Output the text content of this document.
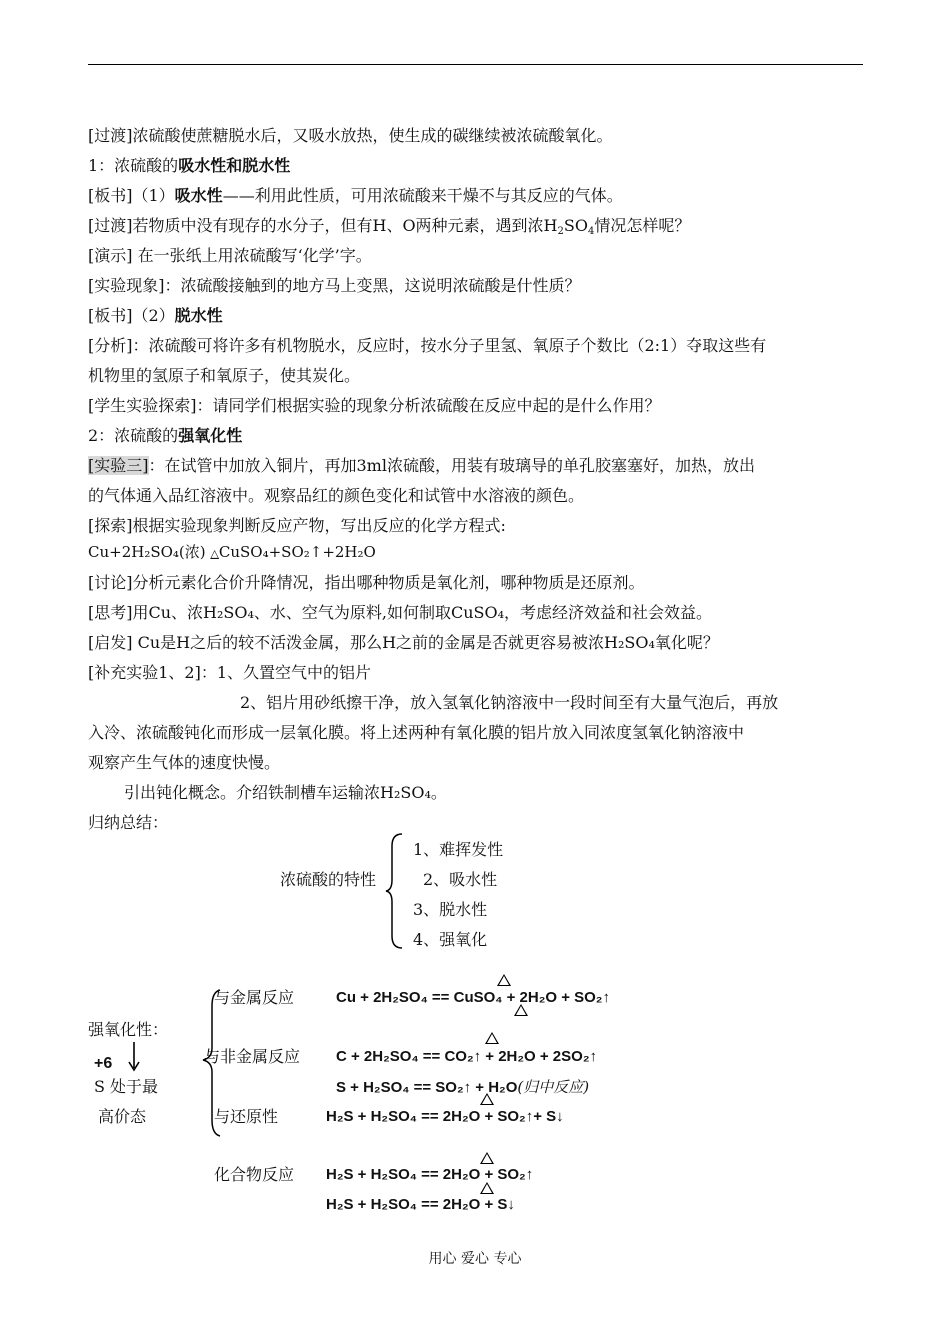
[过渡]浓硫酸使蔗糖脱水后，又吸水放热，使生成的碳继续被浓硫酸氧化。
1：浓硫酸的吸水性和脱水性
[板书]（1）吸水性——利用此性质，可用浓硫酸来干燥不与其反应的气体。
[过渡]若物质中没有现存的水分子，但有H、O两种元素，遇到浓$H_2SO_4$情况怎样呢？
[演示] 在一张纸上用浓硫酸写‘化学’字。
[实验现象]：浓硫酸接触到的地方马上变黑，这说明浓硫酸是什性质？
[板书]（2）脱水性
[分析]：浓硫酸可将许多有机物脱水，反应时，按水分子里氢、氧原子个数比（2:1）夺取这些有
机物里的氢原子和氧原子，使其炭化。
[学生实验探索]：请同学们根据实验的现象分析浓硫酸在反应中起的是什么作用？
2：浓硫酸的强氧化性
[实验三]：在试管中加放入铜片，再加3ml浓硫酸，用装有玻璃导的单孔胶塞塞好，加热，放出
的气体通入品红溶液中。观察品红的颜色变化和试管中水溶液的颜色。
[探索]根据实验现象判断反应产物，写出反应的化学方程式:
Cu+2H₂SO₄(浓) △CuSO₄+SO₂↑+2H₂O
[讨论]分析元素化合价升降情况，指出哪种物质是氧化剂，哪种物质是还原剂。
[思考]用Cu、浓H₂SO₄、水、空气为原料,如何制取CuSO₄，考虑经济效益和社会效益。
[启发] Cu是H之后的较不活泼金属，那么H之前的金属是否就更容易被浓H₂SO₄氧化呢？
[补充实验1、2]：1、久置空气中的铝片
2、铝片用砂纸擦干净，放入氢氧化钠溶液中一段时间至有大量气泡后，再放
入冷、浓硫酸钝化而形成一层氧化膜。将上述两种有氧化膜的铝片放入同浓度氢氧化钠溶液中
观察产生气体的速度快慢。
引出钝化概念。介绍铁制槽车运输浓H₂SO₄。
归纳总结：
浓硫酸的特性
1、难挥发性
2、吸水性
3、脱水性
4、强氧化
强氧化性：
+6
S 处于最
高价态
与金属反应
与非金属反应
与还原性
化合物反应
Cu + 2H₂SO₄ == CuSO₄ + 2H₂O + SO₂↑
C + 2H₂SO₄ == CO₂↑ + 2H₂O + 2SO₂↑
S + H₂SO₄ == SO₂↑ + H₂O(归中反应)
H₂S + H₂SO₄ == 2H₂O + SO₂↑+ S↓
H₂S + H₂SO₄ == 2H₂O + SO₂↑
H₂S + H₂SO₄ == 2H₂O + S↓
用心 爱心 专心
